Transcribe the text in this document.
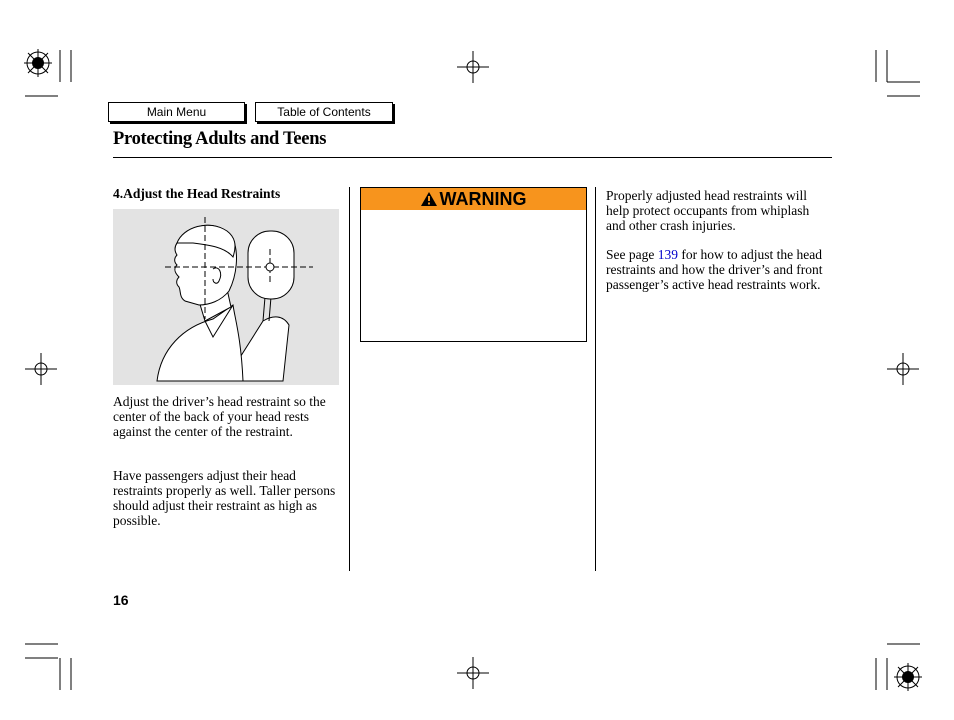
Main Menu	Table of Contents
Protecting Adults and Teens
4.Adjust the Head Restraints
Adjust the driver’s head restraint so the center of the back of your head rests against the center of the restraint.
Have passengers adjust their head restraints properly as well. Taller persons should adjust their restraint as high as possible.
WARNING	Properly adjusted head restraints will help protect occupants from whiplash and other crash injuries.
See page 139 for how to adjust the head restraints and how the driver’s and front passenger’s active head restraints work.
16
